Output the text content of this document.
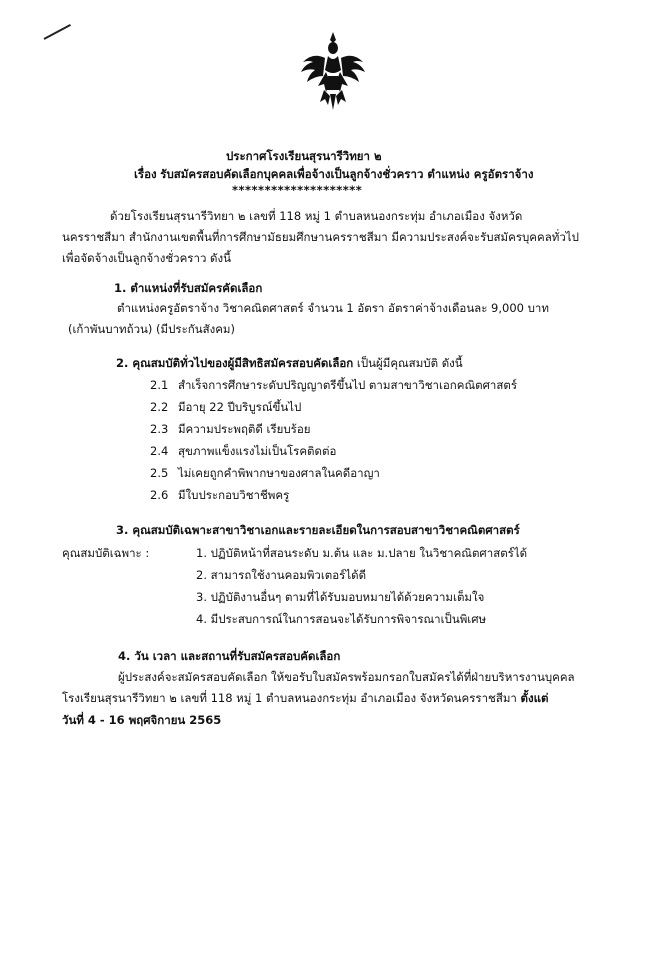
ประกาศโรงเรียนสุรนารีวิทยา ๒
เรื่อง รับสมัครสอบคัดเลือกบุคคลเพื่อจ้างเป็นลูกจ้างชั่วคราว ตำแหน่ง ครูอัตราจ้าง
********************
ด้วยโรงเรียนสุรนารีวิทยา ๒ เลขที่ 118 หมู่ 1 ตำบลหนองกระทุ่ม อำเภอเมือง จังหวัด
นครราชสีมา สำนักงานเขตพื้นที่การศึกษามัธยมศึกษานครราชสีมา มีความประสงค์จะรับสมัครบุคคลทั่วไป
เพื่อจัดจ้างเป็นลูกจ้างชั่วคราว ดังนี้
1. ตำแหน่งที่รับสมัครคัดเลือก
ตำแหน่งครูอัตราจ้าง วิชาคณิตศาสตร์ จำนวน 1 อัตรา อัตราค่าจ้างเดือนละ 9,000 บาท
(เก้าพันบาทถ้วน) (มีประกันสังคม)
2. คุณสมบัติทั่วไปของผู้มีสิทธิสมัครสอบคัดเลือก เป็นผู้มีคุณสมบัติ ดังนี้
2.1 สำเร็จการศึกษาระดับปริญญาตรีขึ้นไป ตามสาขาวิชาเอกคณิตศาสตร์
2.2 มีอายุ 22 ปีบริบูรณ์ขึ้นไป
2.3 มีความประพฤติดี เรียบร้อย
2.4 สุขภาพแข็งแรงไม่เป็นโรคติดต่อ
2.5 ไม่เคยถูกคำพิพากษาของศาลในคดีอาญา
2.6 มีใบประกอบวิชาชีพครู
3. คุณสมบัติเฉพาะสาขาวิชาเอกและรายละเอียดในการสอบสาขาวิชาคณิตศาสตร์
คุณสมบัติเฉพาะ :	1. ปฏิบัติหน้าที่สอนระดับ ม.ต้น และ ม.ปลาย ในวิชาคณิตศาสตร์ได้
2. สามารถใช้งานคอมพิวเตอร์ได้ดี
3. ปฏิบัติงานอื่นๆ ตามที่ได้รับมอบหมายได้ด้วยความเต็มใจ
4. มีประสบการณ์ในการสอนจะได้รับการพิจารณาเป็นพิเศษ
4. วัน เวลา และสถานที่รับสมัครสอบคัดเลือก
ผู้ประสงค์จะสมัครสอบคัดเลือก ให้ขอรับใบสมัครพร้อมกรอกใบสมัครได้ที่ฝ่ายบริหารงานบุคคล
โรงเรียนสุรนารีวิทยา ๒ เลขที่ 118 หมู่ 1 ตำบลหนองกระทุ่ม อำเภอเมือง จังหวัดนครราชสีมา ตั้งแต่
วันที่ 4 - 16 พฤศจิกายน 2565
